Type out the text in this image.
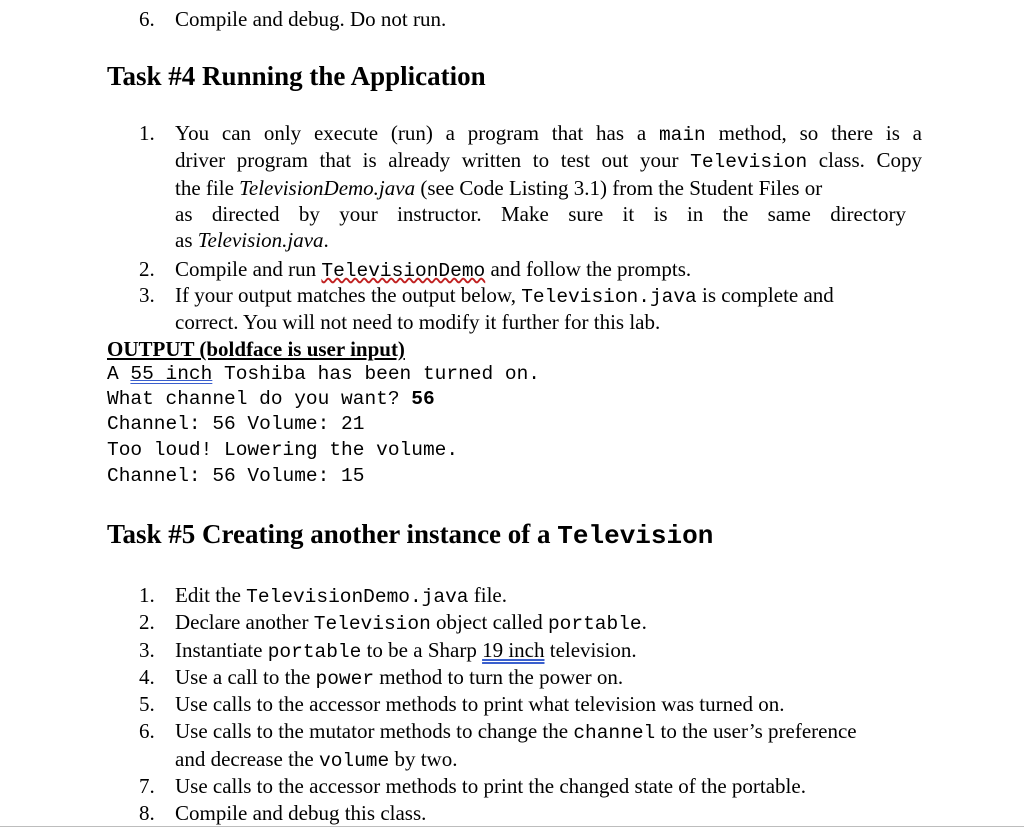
6. Compile and debug. Do not run.
Task #4 Running the Application
1. You can only execute (run) a program that has a main method, so there is a
driver program that is already written to test out your Television class. Copy
the file TelevisionDemo.java (see Code Listing 3.1) from the Student Files or
as directed by your instructor. Make sure it is in the same directory
as Television.java.
2. Compile and run TelevisionDemo and follow the prompts.
3. If your output matches the output below, Television.java is complete and
correct. You will not need to modify it further for this lab.
OUTPUT (boldface is user input)
A 55 inch Toshiba has been turned on.
What channel do you want? 56
Channel: 56 Volume: 21
Too loud! Lowering the volume.
Channel: 56 Volume: 15
Task #5 Creating another instance of a Television
1. Edit the TelevisionDemo.java file.
2. Declare another Television object called portable.
3. Instantiate portable to be a Sharp 19 inch television.
4. Use a call to the power method to turn the power on.
5. Use calls to the accessor methods to print what television was turned on.
6. Use calls to the mutator methods to change the channel to the user’s preference
and decrease the volume by two.
7. Use calls to the accessor methods to print the changed state of the portable.
8. Compile and debug this class.
